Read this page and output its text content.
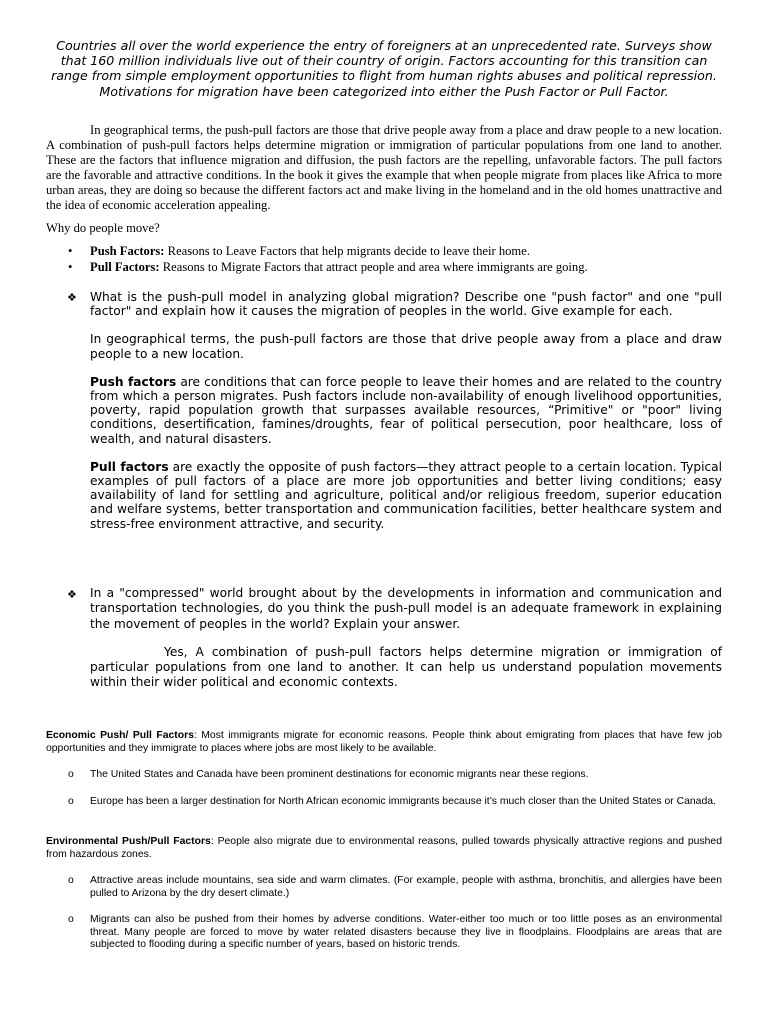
Countries all over the world experience the entry of foreigners at an unprecedented rate. Surveys show that 160 million individuals live out of their country of origin. Factors accounting for this transition can range from simple employment opportunities to flight from human rights abuses and political repression. Motivations for migration have been categorized into either the Push Factor or Pull Factor.
In geographical terms, the push-pull factors are those that drive people away from a place and draw people to a new location. A combination of push-pull factors helps determine migration or immigration of particular populations from one land to another. These are the factors that influence migration and diffusion, the push factors are the repelling, unfavorable factors. The pull factors are the favorable and attractive conditions. In the book it gives the example that when people migrate from places like Africa to more urban areas, they are doing so because the different factors act and make living in the homeland and in the old homes unattractive and the idea of economic acceleration appealing.
Why do people move?
• Push Factors: Reasons to Leave Factors that help migrants decide to leave their home.
• Pull Factors: Reasons to Migrate Factors that attract people and area where immigrants are going.
❖ What is the push-pull model in analyzing global migration? Describe one "push factor" and one "pull factor" and explain how it causes the migration of peoples in the world. Give example for each.
In geographical terms, the push-pull factors are those that drive people away from a place and draw people to a new location.
Push factors are conditions that can force people to leave their homes and are related to the country from which a person migrates. Push factors include non-availability of enough livelihood opportunities, poverty, rapid population growth that surpasses available resources, “Primitive" or "poor" living conditions, desertification, famines/droughts, fear of political persecution, poor healthcare, loss of wealth, and natural disasters.
Pull factors are exactly the opposite of push factors—they attract people to a certain location. Typical examples of pull factors of a place are more job opportunities and better living conditions; easy availability of land for settling and agriculture, political and/or religious freedom, superior education and welfare systems, better transportation and communication facilities, better healthcare system and stress-free environment attractive, and security.
❖ In a "compressed" world brought about by the developments in information and communication and transportation technologies, do you think the push-pull model is an adequate framework in explaining the movement of peoples in the world? Explain your answer.
Yes, A combination of push-pull factors helps determine migration or immigration of particular populations from one land to another. It can help us understand population movements within their wider political and economic contexts.
Economic Push/ Pull Factors: Most immigrants migrate for economic reasons. People think about emigrating from places that have few job opportunities and they immigrate to places where jobs are most likely to be available.
o The United States and Canada have been prominent destinations for economic migrants near these regions.
o Europe has been a larger destination for North African economic immigrants because it’s much closer than the United States or Canada.
Environmental Push/Pull Factors: People also migrate due to environmental reasons, pulled towards physically attractive regions and pushed from hazardous zones.
o Attractive areas include mountains, sea side and warm climates. (For example, people with asthma, bronchitis, and allergies have been pulled to Arizona by the dry desert climate.)
o Migrants can also be pushed from their homes by adverse conditions. Water-either too much or too little poses as an environmental threat. Many people are forced to move by water related disasters because they live in floodplains. Floodplains are areas that are subjected to flooding during a specific number of years, based on historic trends.
